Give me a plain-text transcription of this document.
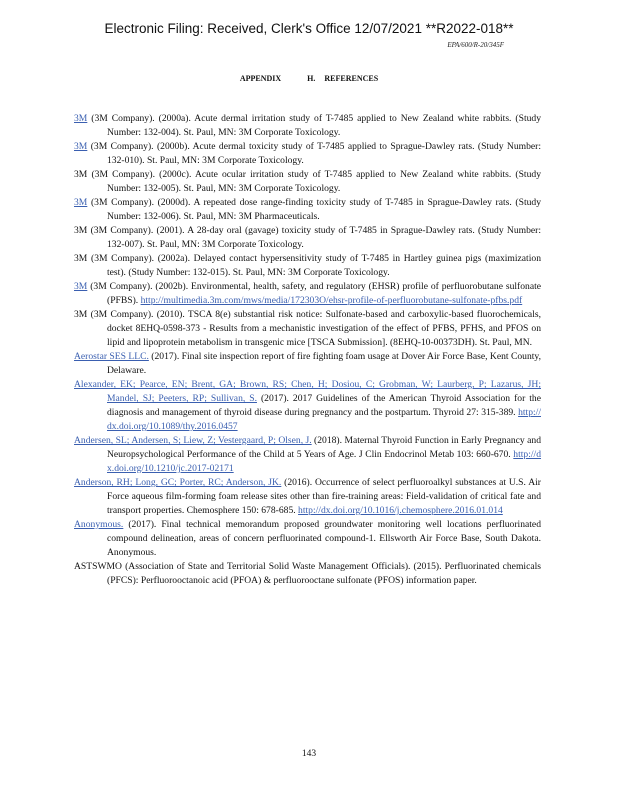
Electronic Filing: Received, Clerk's Office 12/07/2021 **R2022-018**
EPA/600/R-20/345F
APPENDIX	H. REFERENCES

3M (3M Company). (2000a). Acute dermal irritation study of T-7485 applied to New Zealand white rabbits. (Study Number: 132-004). St. Paul, MN: 3M Corporate Toxicology.

3M (3M Company). (2000b). Acute dermal toxicity study of T-7485 applied to Sprague-Dawley rats. (Study Number: 132-010). St. Paul, MN: 3M Corporate Toxicology.

3M (3M Company). (2000c). Acute ocular irritation study of T-7485 applied to New Zealand white rabbits. (Study Number: 132-005). St. Paul, MN: 3M Corporate Toxicology.

3M (3M Company). (2000d). A repeated dose range-finding toxicity study of T-7485 in Sprague-Dawley rats. (Study Number: 132-006). St. Paul, MN: 3M Pharmaceuticals.

3M (3M Company). (2001). A 28-day oral (gavage) toxicity study of T-7485 in Sprague-Dawley rats. (Study Number: 132-007). St. Paul, MN: 3M Corporate Toxicology.

3M (3M Company). (2002a). Delayed contact hypersensitivity study of T-7485 in Hartley guinea pigs (maximization test). (Study Number: 132-015). St. Paul, MN: 3M Corporate Toxicology.

3M (3M Company). (2002b). Environmental, health, safety, and regulatory (EHSR) profile of perfluorobutane sulfonate (PFBS). http://multimedia.3m.com/mws/media/172303O/ehsr-profile-of-perfluorobutane-sulfonate-pfbs.pdf

3M (3M Company). (2010). TSCA 8(e) substantial risk notice: Sulfonate-based and carboxylic-based fluorochemicals, docket 8EHQ-0598-373 - Results from a mechanistic investigation of the effect of PFBS, PFHS, and PFOS on lipid and lipoprotein metabolism in transgenic mice [TSCA Submission]. (8EHQ-10-00373DH). St. Paul, MN.

Aerostar SES LLC. (2017). Final site inspection report of fire fighting foam usage at Dover Air Force Base, Kent County, Delaware.

Alexander, EK; Pearce, EN; Brent, GA; Brown, RS; Chen, H; Dosiou, C; Grobman, W; Laurberg, P; Lazarus, JH; Mandel, SJ; Peeters, RP; Sullivan, S. (2017). 2017 Guidelines of the American Thyroid Association for the diagnosis and management of thyroid disease during pregnancy and the postpartum. Thyroid 27: 315-389. http://dx.doi.org/10.1089/thy.2016.0457

Andersen, SL; Andersen, S; Liew, Z; Vestergaard, P; Olsen, J. (2018). Maternal Thyroid Function in Early Pregnancy and Neuropsychological Performance of the Child at 5 Years of Age. J Clin Endocrinol Metab 103: 660-670. http://dx.doi.org/10.1210/jc.2017-02171

Anderson, RH; Long, GC; Porter, RC; Anderson, JK. (2016). Occurrence of select perfluoroalkyl substances at U.S. Air Force aqueous film-forming foam release sites other than fire-training areas: Field-validation of critical fate and transport properties. Chemosphere 150: 678-685. http://dx.doi.org/10.1016/j.chemosphere.2016.01.014

Anonymous. (2017). Final technical memorandum proposed groundwater monitoring well locations perfluorinated compound delineation, areas of concern perfluorinated compound-1. Ellsworth Air Force Base, South Dakota. Anonymous.

ASTSWMO (Association of State and Territorial Solid Waste Management Officials). (2015). Perfluorinated chemicals (PFCS): Perfluorooctanoic acid (PFOA) & perfluorooctane sulfonate (PFOS) information paper.

143
